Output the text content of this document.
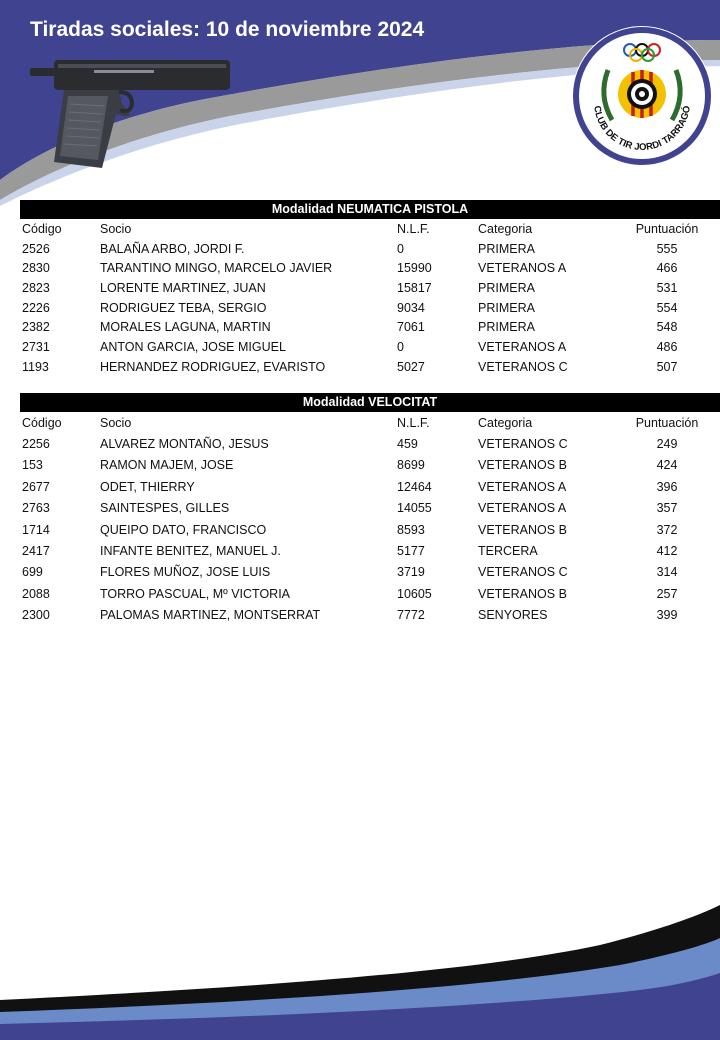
Tiradas sociales: 10 de noviembre 2024
CLUB DE TIR JORDI TARRAGÓ
Modalidad NEUMATICA PISTOLA
Código	Socio	N.L.F.	Categoria	Puntuación
2526	BALAÑA ARBO, JORDI F.	0	PRIMERA	555
2830	TARANTINO MINGO, MARCELO JAVIER	15990	VETERANOS A	466
2823	LORENTE MARTINEZ, JUAN	15817	PRIMERA	531
2226	RODRIGUEZ TEBA, SERGIO	9034	PRIMERA	554
2382	MORALES LAGUNA, MARTIN	7061	PRIMERA	548
2731	ANTON GARCIA, JOSE MIGUEL	0	VETERANOS A	486
1193	HERNANDEZ RODRIGUEZ, EVARISTO	5027	VETERANOS C	507
Modalidad VELOCITAT
Código	Socio	N.L.F.	Categoria	Puntuación
2256	ALVAREZ MONTAÑO, JESUS	459	VETERANOS C	249
153	RAMON MAJEM, JOSE	8699	VETERANOS B	424
2677	ODET, THIERRY	12464	VETERANOS A	396
2763	SAINTESPES, GILLES	14055	VETERANOS A	357
1714	QUEIPO DATO, FRANCISCO	8593	VETERANOS B	372
2417	INFANTE BENITEZ, MANUEL J.	5177	TERCERA	412
699	FLORES MUÑOZ, JOSE LUIS	3719	VETERANOS C	314
2088	TORRO PASCUAL, Mº VICTORIA	10605	VETERANOS B	257
2300	PALOMAS MARTINEZ, MONTSERRAT	7772	SENYORES	399
